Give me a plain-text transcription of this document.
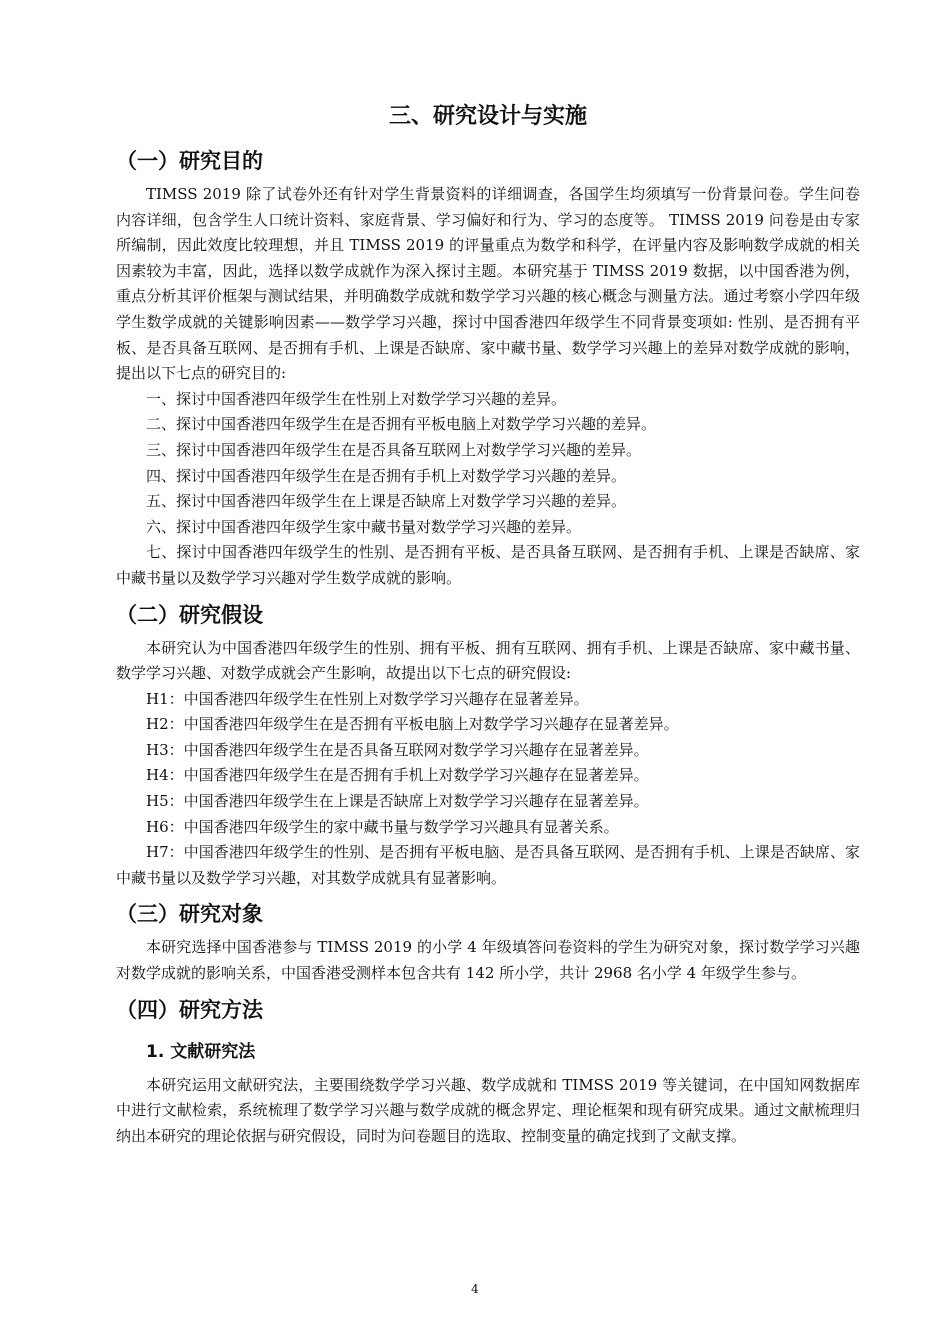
三、研究设计与实施
（一）研究目的

TIMSS 2019 除了试卷外还有针对学生背景资料的详细调查，各国学生均须填写一份背景问卷。学生问卷内容详细，包含学生人口统计资料、家庭背景、学习偏好和行为、学习的态度等。 TIMSS 2019 问卷是由专家所编制，因此效度比较理想，并且 TIMSS 2019 的评量重点为数学和科学，在评量内容及影响数学成就的相关因素较为丰富，因此，选择以数学成就作为深入探讨主题。本研究基于 TIMSS 2019 数据，以中国香港为例，重点分析其评价框架与测试结果，并明确数学成就和数学学习兴趣的核心概念与测量方法。通过考察小学四年级学生数学成就的关键影响因素——数学学习兴趣，探讨中国香港四年级学生不同背景变项如: 性别、是否拥有平板、是否具备互联网、是否拥有手机、上课是否缺席、家中藏书量、数学学习兴趣上的差异对数学成就的影响，提出以下七点的研究目的:

一、探讨中国香港四年级学生在性别上对数学学习兴趣的差异。

二、探讨中国香港四年级学生在是否拥有平板电脑上对数学学习兴趣的差异。

三、探讨中国香港四年级学生在是否具备互联网上对数学学习兴趣的差异。

四、探讨中国香港四年级学生在是否拥有手机上对数学学习兴趣的差异。

五、探讨中国香港四年级学生在上课是否缺席上对数学学习兴趣的差异。

六、探讨中国香港四年级学生家中藏书量对数学学习兴趣的差异。

七、探讨中国香港四年级学生的性别、是否拥有平板、是否具备互联网、是否拥有手机、上课是否缺席、家中藏书量以及数学学习兴趣对学生数学成就的影响。

（二）研究假设

本研究认为中国香港四年级学生的性别、拥有平板、拥有互联网、拥有手机、上课是否缺席、家中藏书量、数学学习兴趣、对数学成就会产生影响，故提出以下七点的研究假设:

H1：中国香港四年级学生在性别上对数学学习兴趣存在显著差异。

H2：中国香港四年级学生在是否拥有平板电脑上对数学学习兴趣存在显著差异。

H3：中国香港四年级学生在是否具备互联网对数学学习兴趣存在显著差异。

H4：中国香港四年级学生在是否拥有手机上对数学学习兴趣存在显著差异。

H5：中国香港四年级学生在上课是否缺席上对数学学习兴趣存在显著差异。

H6：中国香港四年级学生的家中藏书量与数学学习兴趣具有显著关系。

H7：中国香港四年级学生的性别、是否拥有平板电脑、是否具备互联网、是否拥有手机、上课是否缺席、家中藏书量以及数学学习兴趣，对其数学成就具有显著影响。

（三）研究对象

本研究选择中国香港参与 TIMSS 2019 的小学 4 年级填答问卷资料的学生为研究对象，探讨数学学习兴趣对数学成就的影响关系，中国香港受测样本包含共有 142 所小学，共计 2968 名小学 4 年级学生参与。

（四）研究方法
1. 文献研究法

本研究运用文献研究法，主要围绕数学学习兴趣、数学成就和 TIMSS 2019 等关键词，在中国知网数据库中进行文献检索，系统梳理了数学学习兴趣与数学成就的概念界定、理论框架和现有研究成果。通过文献梳理归纳出本研究的理论依据与研究假设，同时为问卷题目的选取、控制变量的确定找到了文献支撑。

4
